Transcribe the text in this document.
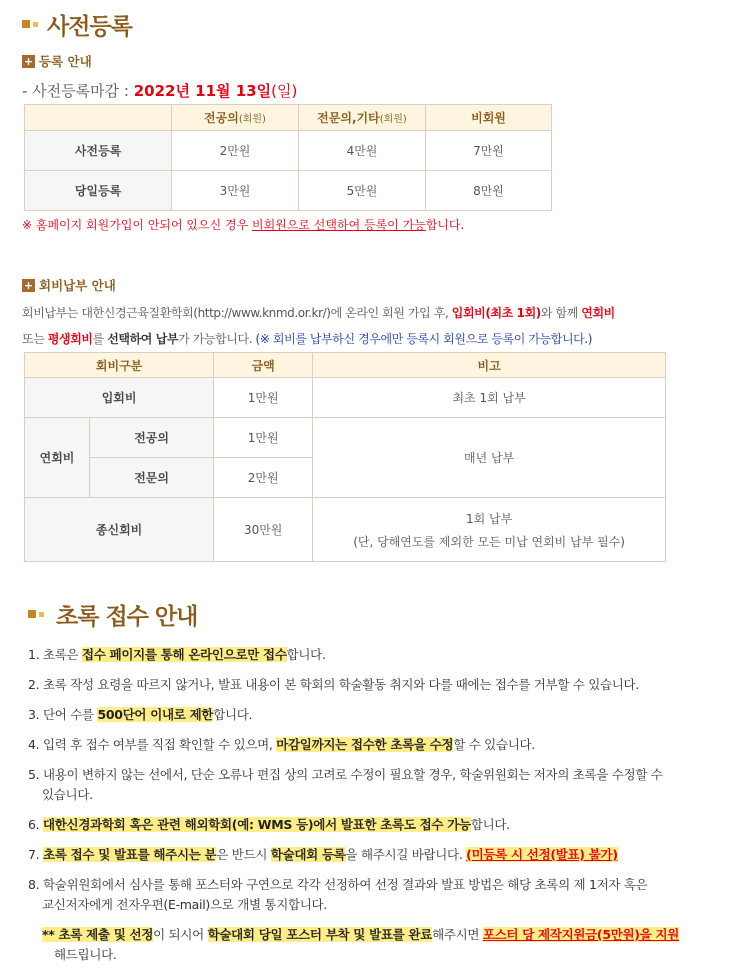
사전등록
+ 등록 안내
- 사전등록마감 : 2022년 11월 13일(일)
	전공의(회원)	전문의,기타(회원)	비회원
사전등록	2만원	4만원	7만원
당일등록	3만원	5만원	8만원
※ 홈페이지 회원가입이 안되어 있으신 경우 비회원으로 선택하여 등록이 가능합니다.
+ 회비납부 안내
회비납부는 대한신경근육질환학회(http://www.knmd.or.kr/)에 온라인 회원 가입 후, 입회비(최초 1회)와 함께 연회비
또는 평생회비를 선택하여 납부가 가능합니다. (※ 회비를 납부하신 경우에만 등록시 회원으로 등록이 가능합니다.)
회비구분		금액	비고
입회비		1만원	최초 1회 납부
연회비	전공의	1만원	매년 납부
	전문의	2만원	
종신회비		30만원	1회 납부
(단, 당해연도를 제외한 모든 미납 연회비 납부 필수)
초록 접수 안내
1. 초록은 접수 페이지를 통해 온라인으로만 접수합니다.
2. 초록 작성 요령을 따르지 않거나, 발표 내용이 본 학회의 학술활동 취지와 다를 때에는 접수를 거부할 수 있습니다.
3. 단어 수를 500단어 이내로 제한합니다.
4. 입력 후 접수 여부를 직접 확인할 수 있으며, 마감일까지는 접수한 초록을 수정할 수 있습니다.
5. 내용이 변하지 않는 선에서, 단순 오류나 편집 상의 고려로 수정이 필요할 경우, 학술위원회는 저자의 초록을 수정할 수
있습니다.
6. 대한신경과학회 혹은 관련 해외학회(예: WMS 등)에서 발표한 초록도 접수 가능합니다.
7. 초록 접수 및 발표를 해주시는 분은 반드시 학술대회 등록을 해주시길 바랍니다. (미등록 시 선정(발표) 불가)
8. 학술위원회에서 심사를 통해 포스터와 구연으로 각각 선정하여 선정 결과와 발표 방법은 해당 초록의 제 1저자 혹은
교신저자에게 전자우편(E-mail)으로 개별 통지합니다.
** 초록 제출 및 선정이 되시어 학술대회 당일 포스터 부착 및 발표를 완료해주시면 포스터 당 제작지원금(5만원)을 지원
해드립니다.
